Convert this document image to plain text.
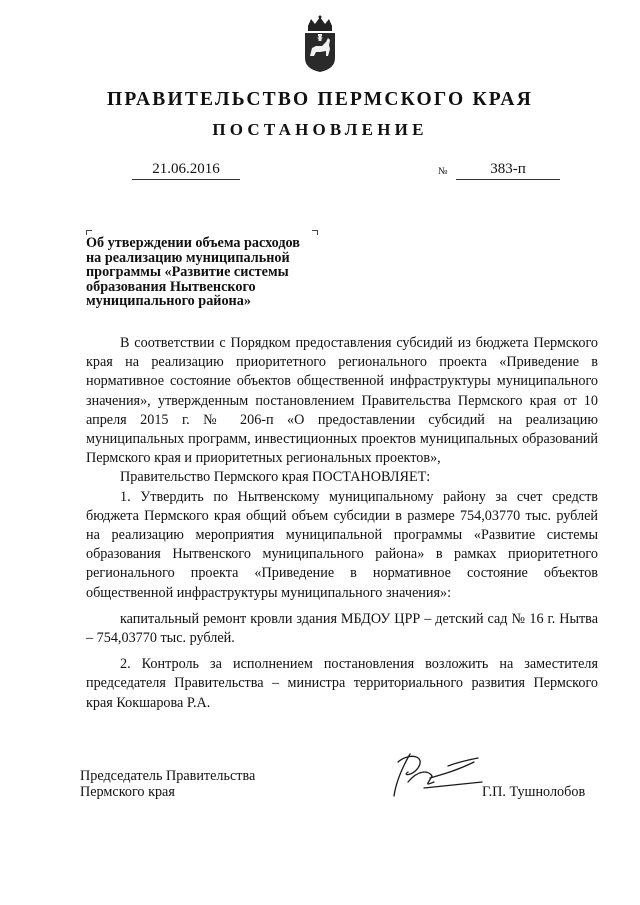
ПРАВИТЕЛЬСТВО ПЕРМСКОГО КРАЯ
ПОСТАНОВЛЕНИЕ
21.06.2016	№	383-п
Об утверждении объема расходов
на реализацию муниципальной
программы «Развитие системы
образования Нытвенского
муниципального района»

В соответствии с Порядком предоставления субсидий из бюджета Пермского края на реализацию приоритетного регионального проекта «Приведение в нормативное состояние объектов общественной инфраструктуры муниципального значения», утвержденным постановлением Правительства Пермского края от 10 апреля 2015 г. № 206-п «О предоставлении субсидий на реализацию муниципальных программ, инвестиционных проектов муниципальных образований Пермского края и приоритетных региональных проектов»,

Правительство Пермского края ПОСТАНОВЛЯЕТ:

1. Утвердить по Нытвенскому муниципальному району за счет средств бюджета Пермского края общий объем субсидии в размере 754,03770 тыс. рублей на реализацию мероприятия муниципальной программы «Развитие системы образования Нытвенского муниципального района» в рамках приоритетного регионального проекта «Приведение в нормативное состояние объектов общественной инфраструктуры муниципального значения»:

капитальный ремонт кровли здания МБДОУ ЦРР – детский сад № 16 г. Нытва – 754,03770 тыс. рублей.

2. Контроль за исполнением постановления возложить на заместителя председателя Правительства – министра территориального развития Пермского края Кокшарова Р.А.

Председатель Правительства
Пермского края	Г.П. Тушнолобов
